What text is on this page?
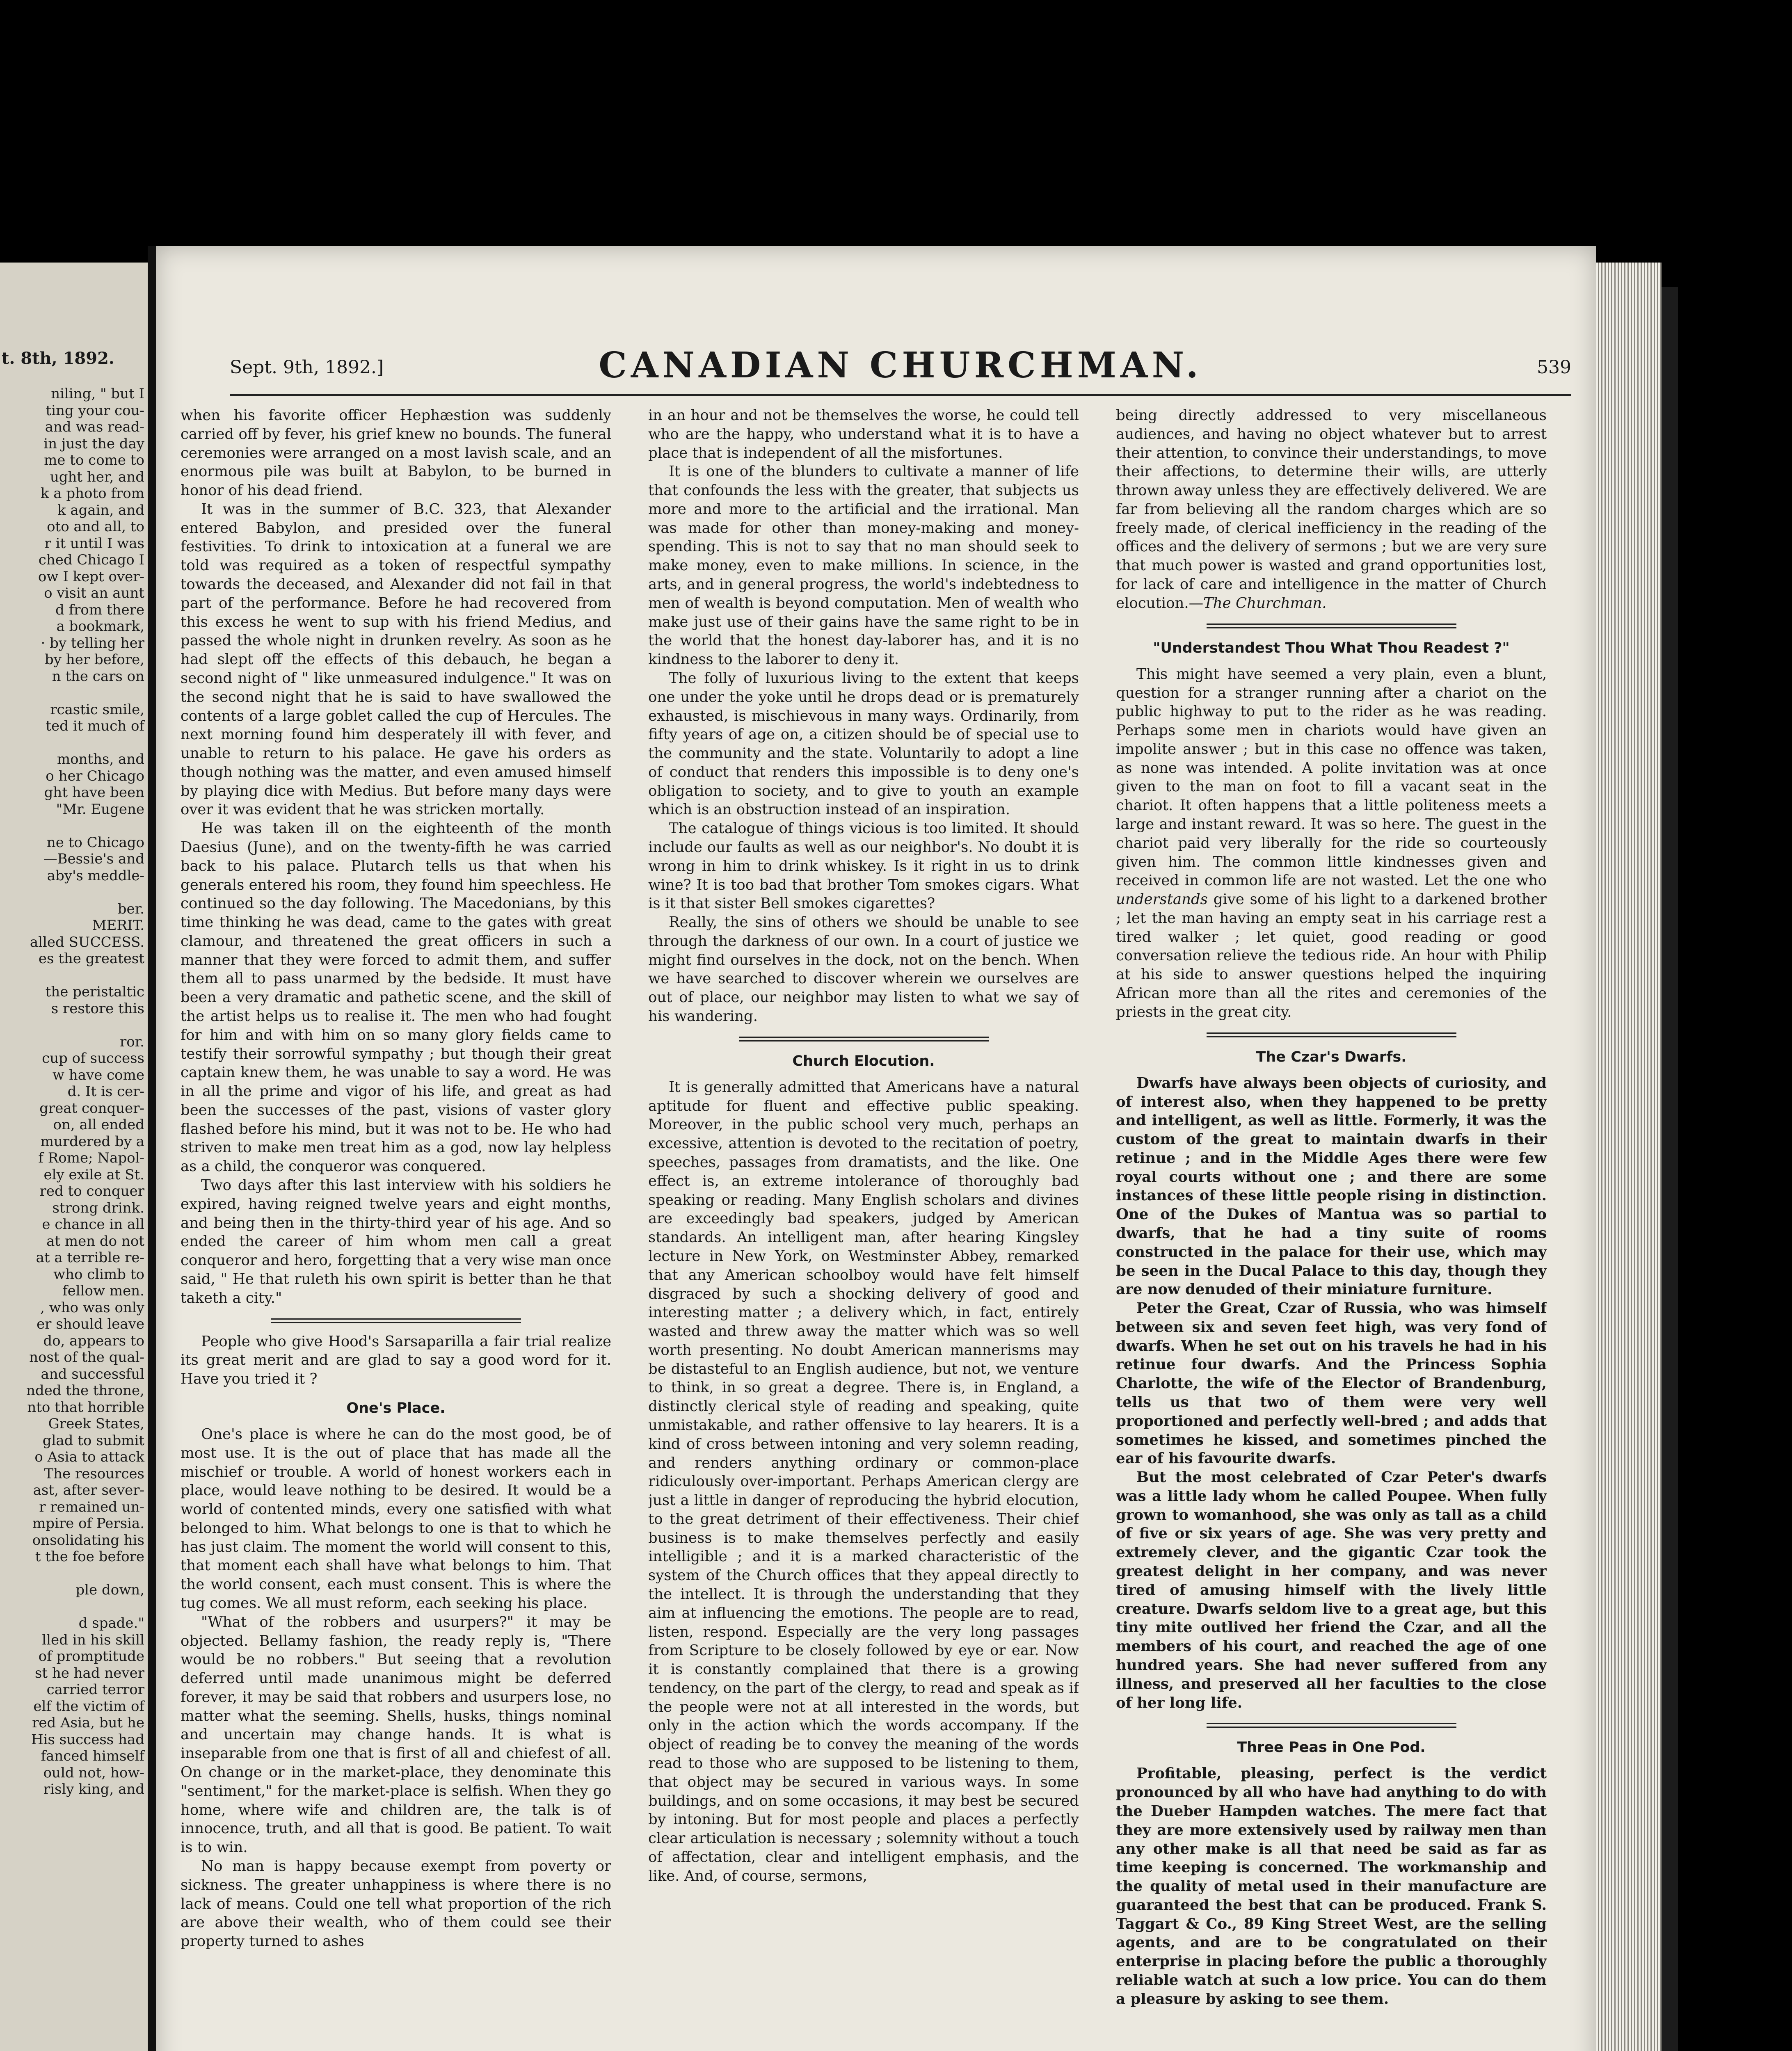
t. 8th, 1892.
niling, " but I
ting your cou-
and was read-
in just the day
me to come to
ught her, and
k a photo from
k again, and
oto and all, to
r it until I was
ched Chicago I
ow I kept over-
o visit an aunt
d from there
a bookmark,
· by telling her
by her before,
n the cars on
rcastic smile,
ted it much of
months, and
o her Chicago
ght have been
"Mr. Eugene
ne to Chicago
—Bessie's and
aby's meddle-
ber.
MERIT.
alled SUCCESS.
es the greatest
the peristaltic
s restore this
ror.
cup of success
w have come
d. It is cer-
great conquer-
on, all ended
murdered by a
f Rome; Napol-
ely exile at St.
red to conquer
strong drink.
e chance in all
at men do not
at a terrible re-
who climb to
fellow men.
, who was only
er should leave
do, appears to
nost of the qual-
and successful
nded the throne,
nto that horrible
Greek States,
glad to submit
o Asia to attack
The resources
ast, after sever-
r remained un-
mpire of Persia.
onsolidating his
t the foe before
ple down,
d spade."
lled in his skill
of promptitude
st he had never
carried terror
elf the victim of
red Asia, but he
His success had
fanced himself
ould not, how-
risly king, and
Sept. 9th, 1892.]	CANADIAN CHURCHMAN.	539

when his favorite officer Hephæstion was suddenly carried off by fever, his grief knew no bounds. The funeral ceremonies were arranged on a most lavish scale, and an enormous pile was built at Babylon, to be burned in honor of his dead friend.

It was in the summer of B.C. 323, that Alexander entered Babylon, and presided over the funeral festivities. To drink to intoxication at a funeral we are told was required as a token of respectful sympathy towards the deceased, and Alexander did not fail in that part of the performance. Before he had recovered from this excess he went to sup with his friend Medius, and passed the whole night in drunken revelry. As soon as he had slept off the effects of this debauch, he began a second night of " like unmeasured indulgence." It was on the second night that he is said to have swallowed the contents of a large goblet called the cup of Hercules. The next morning found him desperately ill with fever, and unable to return to his palace. He gave his orders as though nothing was the matter, and even amused himself by playing dice with Medius. But before many days were over it was evident that he was stricken mortally.

He was taken ill on the eighteenth of the month Daesius (June), and on the twenty-fifth he was carried back to his palace. Plutarch tells us that when his generals entered his room, they found him speechless. He continued so the day following. The Macedonians, by this time thinking he was dead, came to the gates with great clamour, and threatened the great officers in such a manner that they were forced to admit them, and suffer them all to pass unarmed by the bedside. It must have been a very dramatic and pathetic scene, and the skill of the artist helps us to realise it. The men who had fought for him and with him on so many glory fields came to testify their sorrowful sympathy ; but though their great captain knew them, he was unable to say a word. He was in all the prime and vigor of his life, and great as had been the successes of the past, visions of vaster glory flashed before his mind, but it was not to be. He who had striven to make men treat him as a god, now lay helpless as a child, the conqueror was conquered.

Two days after this last interview with his soldiers he expired, having reigned twelve years and eight months, and being then in the thirty-third year of his age. And so ended the career of him whom men call a great conqueror and hero, forgetting that a very wise man once said, " He that ruleth his own spirit is better than he that taketh a city."

People who give Hood's Sarsaparilla a fair trial realize its great merit and are glad to say a good word for it. Have you tried it ?

One's Place.

One's place is where he can do the most good, be of most use. It is the out of place that has made all the mischief or trouble. A world of honest workers each in place, would leave nothing to be desired. It would be a world of contented minds, every one satisfied with what belonged to him. What belongs to one is that to which he has just claim. The moment the world will consent to this, that moment each shall have what belongs to him. That the world consent, each must consent. This is where the tug comes. We all must reform, each seeking his place.

"What of the robbers and usurpers?" it may be objected. Bellamy fashion, the ready reply is, "There would be no robbers." But seeing that a revolution deferred until made unanimous might be deferred forever, it may be said that robbers and usurpers lose, no matter what the seeming. Shells, husks, things nominal and uncertain may change hands. It is what is inseparable from one that is first of all and chiefest of all. On change or in the market-place, they denominate this "sentiment," for the market-place is selfish. When they go home, where wife and children are, the talk is of innocence, truth, and all that is good. Be patient. To wait is to win.

No man is happy because exempt from poverty or sickness. The greater unhappiness is where there is no lack of means. Could one tell what proportion of the rich are above their wealth, who of them could see their property turned to ashes

in an hour and not be themselves the worse, he could tell who are the happy, who understand what it is to have a place that is independent of all the misfortunes.

It is one of the blunders to cultivate a manner of life that confounds the less with the greater, that subjects us more and more to the artificial and the irrational. Man was made for other than money-making and money-spending. This is not to say that no man should seek to make money, even to make millions. In science, in the arts, and in general progress, the world's indebtedness to men of wealth is beyond computation. Men of wealth who make just use of their gains have the same right to be in the world that the honest day-laborer has, and it is no kindness to the laborer to deny it.

The folly of luxurious living to the extent that keeps one under the yoke until he drops dead or is prematurely exhausted, is mischievous in many ways. Ordinarily, from fifty years of age on, a citizen should be of special use to the community and the state. Voluntarily to adopt a line of conduct that renders this impossible is to deny one's obligation to society, and to give to youth an example which is an obstruction instead of an inspiration.

The catalogue of things vicious is too limited. It should include our faults as well as our neighbor's. No doubt it is wrong in him to drink whiskey. Is it right in us to drink wine? It is too bad that brother Tom smokes cigars. What is it that sister Bell smokes cigarettes?

Really, the sins of others we should be unable to see through the darkness of our own. In a court of justice we might find ourselves in the dock, not on the bench. When we have searched to discover wherein we ourselves are out of place, our neighbor may listen to what we say of his wandering.

Church Elocution.

It is generally admitted that Americans have a natural aptitude for fluent and effective public speaking. Moreover, in the public school very much, perhaps an excessive, attention is devoted to the recitation of poetry, speeches, passages from dramatists, and the like. One effect is, an extreme intolerance of thoroughly bad speaking or reading. Many English scholars and divines are exceedingly bad speakers, judged by American standards. An intelligent man, after hearing Kingsley lecture in New York, on Westminster Abbey, remarked that any American schoolboy would have felt himself disgraced by such a shocking delivery of good and interesting matter ; a delivery which, in fact, entirely wasted and threw away the matter which was so well worth presenting. No doubt American mannerisms may be distasteful to an English audience, but not, we venture to think, in so great a degree. There is, in England, a distinctly clerical style of reading and speaking, quite unmistakable, and rather offensive to lay hearers. It is a kind of cross between intoning and very solemn reading, and renders anything ordinary or common-place ridiculously over-important. Perhaps American clergy are just a little in danger of reproducing the hybrid elocution, to the great detriment of their effectiveness. Their chief business is to make themselves perfectly and easily intelligible ; and it is a marked characteristic of the system of the Church offices that they appeal directly to the intellect. It is through the understanding that they aim at influencing the emotions. The people are to read, listen, respond. Especially are the very long passages from Scripture to be closely followed by eye or ear. Now it is constantly complained that there is a growing tendency, on the part of the clergy, to read and speak as if the people were not at all interested in the words, but only in the action which the words accompany. If the object of reading be to convey the meaning of the words read to those who are supposed to be listening to them, that object may be secured in various ways. In some buildings, and on some occasions, it may best be secured by intoning. But for most people and places a perfectly clear articulation is necessary ; solemnity without a touch of affectation, clear and intelligent emphasis, and the like. And, of course, sermons,

being directly addressed to very miscellaneous audiences, and having no object whatever but to arrest their attention, to convince their understandings, to move their affections, to determine their wills, are utterly thrown away unless they are effectively delivered. We are far from believing all the random charges which are so freely made, of clerical inefficiency in the reading of the offices and the delivery of sermons ; but we are very sure that much power is wasted and grand opportunities lost, for lack of care and intelligence in the matter of Church elocution.—The Churchman.

"Understandest Thou What Thou Readest ?"

This might have seemed a very plain, even a blunt, question for a stranger running after a chariot on the public highway to put to the rider as he was reading. Perhaps some men in chariots would have given an impolite answer ; but in this case no offence was taken, as none was intended. A polite invitation was at once given to the man on foot to fill a vacant seat in the chariot. It often happens that a little politeness meets a large and instant reward. It was so here. The guest in the chariot paid very liberally for the ride so courteously given him. The common little kindnesses given and received in common life are not wasted. Let the one who understands give some of his light to a darkened brother ; let the man having an empty seat in his carriage rest a tired walker ; let quiet, good reading or good conversation relieve the tedious ride. An hour with Philip at his side to answer questions helped the inquiring African more than all the rites and ceremonies of the priests in the great city.

The Czar's Dwarfs.

Dwarfs have always been objects of curiosity, and of interest also, when they happened to be pretty and intelligent, as well as little. Formerly, it was the custom of the great to maintain dwarfs in their retinue ; and in the Middle Ages there were few royal courts without one ; and there are some instances of these little people rising in distinction. One of the Dukes of Mantua was so partial to dwarfs, that he had a tiny suite of rooms constructed in the palace for their use, which may be seen in the Ducal Palace to this day, though they are now denuded of their miniature furniture.

Peter the Great, Czar of Russia, who was himself between six and seven feet high, was very fond of dwarfs. When he set out on his travels he had in his retinue four dwarfs. And the Princess Sophia Charlotte, the wife of the Elector of Brandenburg, tells us that two of them were very well proportioned and perfectly well-bred ; and adds that sometimes he kissed, and sometimes pinched the ear of his favourite dwarfs.

But the most celebrated of Czar Peter's dwarfs was a little lady whom he called Poupee. When fully grown to womanhood, she was only as tall as a child of five or six years of age. She was very pretty and extremely clever, and the gigantic Czar took the greatest delight in her company, and was never tired of amusing himself with the lively little creature. Dwarfs seldom live to a great age, but this tiny mite outlived her friend the Czar, and all the members of his court, and reached the age of one hundred years. She had never suffered from any illness, and preserved all her faculties to the close of her long life.

Three Peas in One Pod.

Profitable, pleasing, perfect is the verdict pronounced by all who have had anything to do with the Dueber Hampden watches. The mere fact that they are more extensively used by railway men than any other make is all that need be said as far as time keeping is concerned. The workmanship and the quality of metal used in their manufacture are guaranteed the best that can be produced. Frank S. Taggart & Co., 89 King Street West, are the selling agents, and are to be congratulated on their enterprise in placing before the public a thoroughly reliable watch at such a low price. You can do them a pleasure by asking to see them.
